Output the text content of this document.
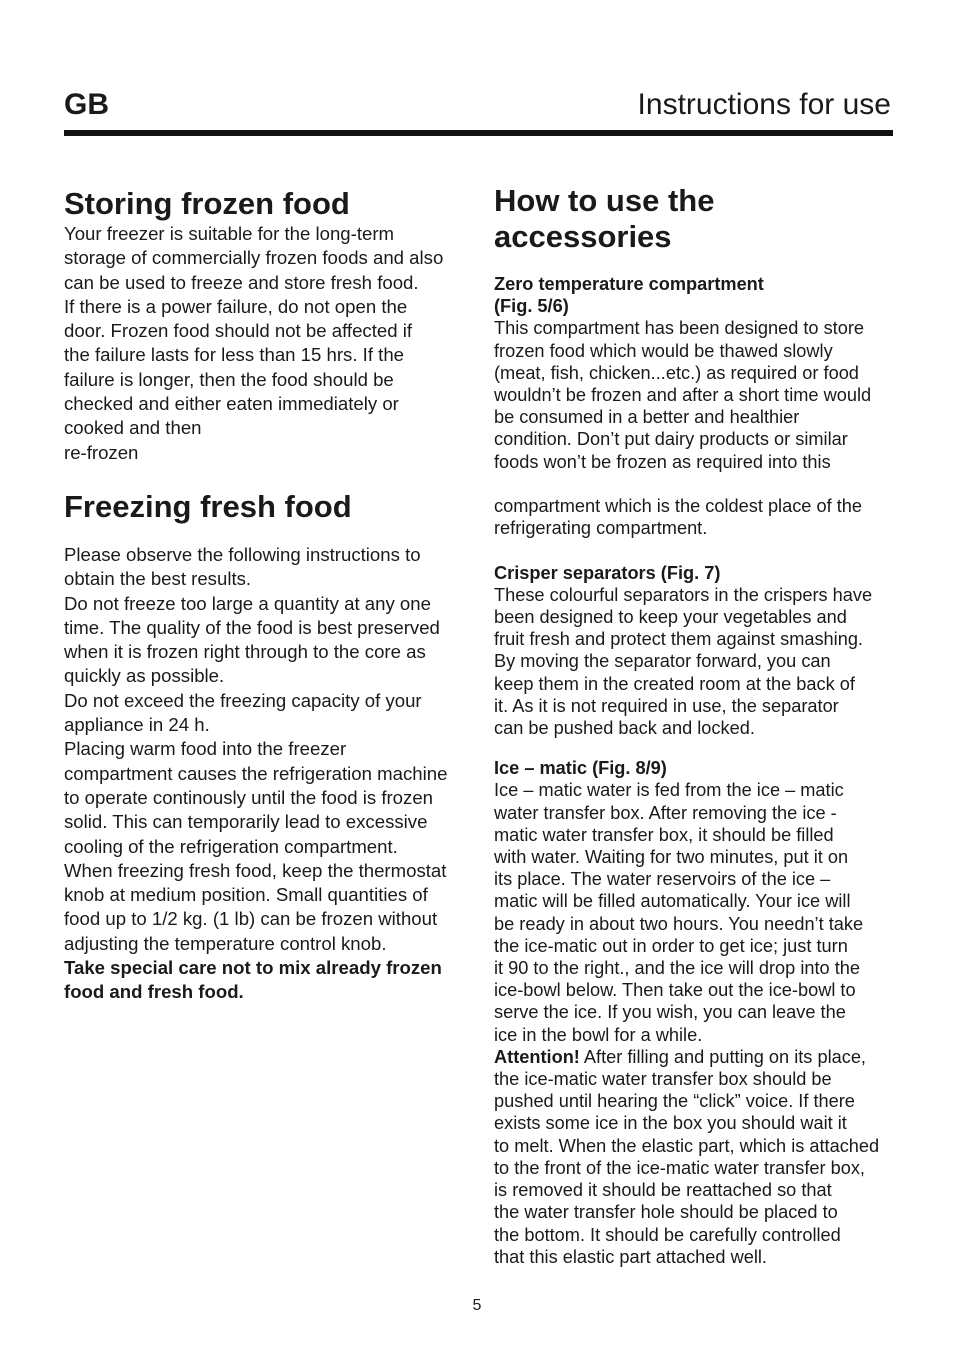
GB	Instructions for use
Storing frozen food

Your freezer is suitable for the long-term

storage of commercially frozen foods and also

can be used to freeze and store fresh food.

If there is a power failure, do not open the

door. Frozen food should not be affected if

the failure lasts for less than 15 hrs. If the

failure is longer, then the food should be

checked and either eaten immediately or

cooked and then

re-frozen

Freezing fresh food

Please observe the following instructions to

obtain the best results.

Do not freeze too large a quantity at any one

time. The quality of the food is best preserved

when it is frozen right through to the core as

quickly as possible.

Do not exceed the freezing capacity of your

appliance in 24 h.

Placing warm food into the freezer

compartment causes the refrigeration machine

to operate continously until the food is frozen

solid. This can temporarily lead to excessive

cooling of the refrigeration compartment.

When freezing fresh food, keep the thermostat

knob at medium position. Small quantities of

food up to 1/2 kg. (1 lb) can be frozen without

adjusting the temperature control knob.

Take special care not to mix already frozen

food and fresh food.

How to use the accessories

Zero temperature compartment

(Fig. 5/6)

This compartment has been designed to store

frozen food which would be thawed slowly

(meat, fish, chicken...etc.) as required or food

wouldn’t be frozen and after a short time would

be consumed in a better and healthier

condition. Don’t put dairy products or similar

foods won’t be frozen as required into this

compartment which is the coldest place of the

refrigerating compartment.

Crisper separators (Fig. 7)

These colourful separators in the crispers have

been designed to keep your vegetables and

fruit fresh and protect them against smashing.

By moving the separator forward, you can

keep them in the created room at the back of

it. As it is not required in use, the separator

can be pushed back and locked.

Ice – matic (Fig. 8/9)

Ice – matic water is fed from the ice – matic

water transfer box. After removing the ice -

matic water transfer box, it should be filled

with water. Waiting for two minutes, put it on

its place. The water reservoirs of the ice –

matic will be filled automatically. Your ice will

be ready in about two hours. You needn’t take

the ice-matic out in order to get ice; just turn

it 90 to the right., and the ice will drop into the

ice-bowl below. Then take out the ice-bowl to

serve the ice. If you wish, you can leave the

ice in the bowl for a while.

Attention! After filling and putting on its place,

the ice-matic water transfer box should be

pushed until hearing the “click” voice. If there

exists some ice in the box you should wait it

to melt. When the elastic part, which is attached

to the front of the ice-matic water transfer box,

is removed it should be reattached so that

the water transfer hole should be placed to

the bottom. It should be carefully controlled

that this elastic part attached well.

5
